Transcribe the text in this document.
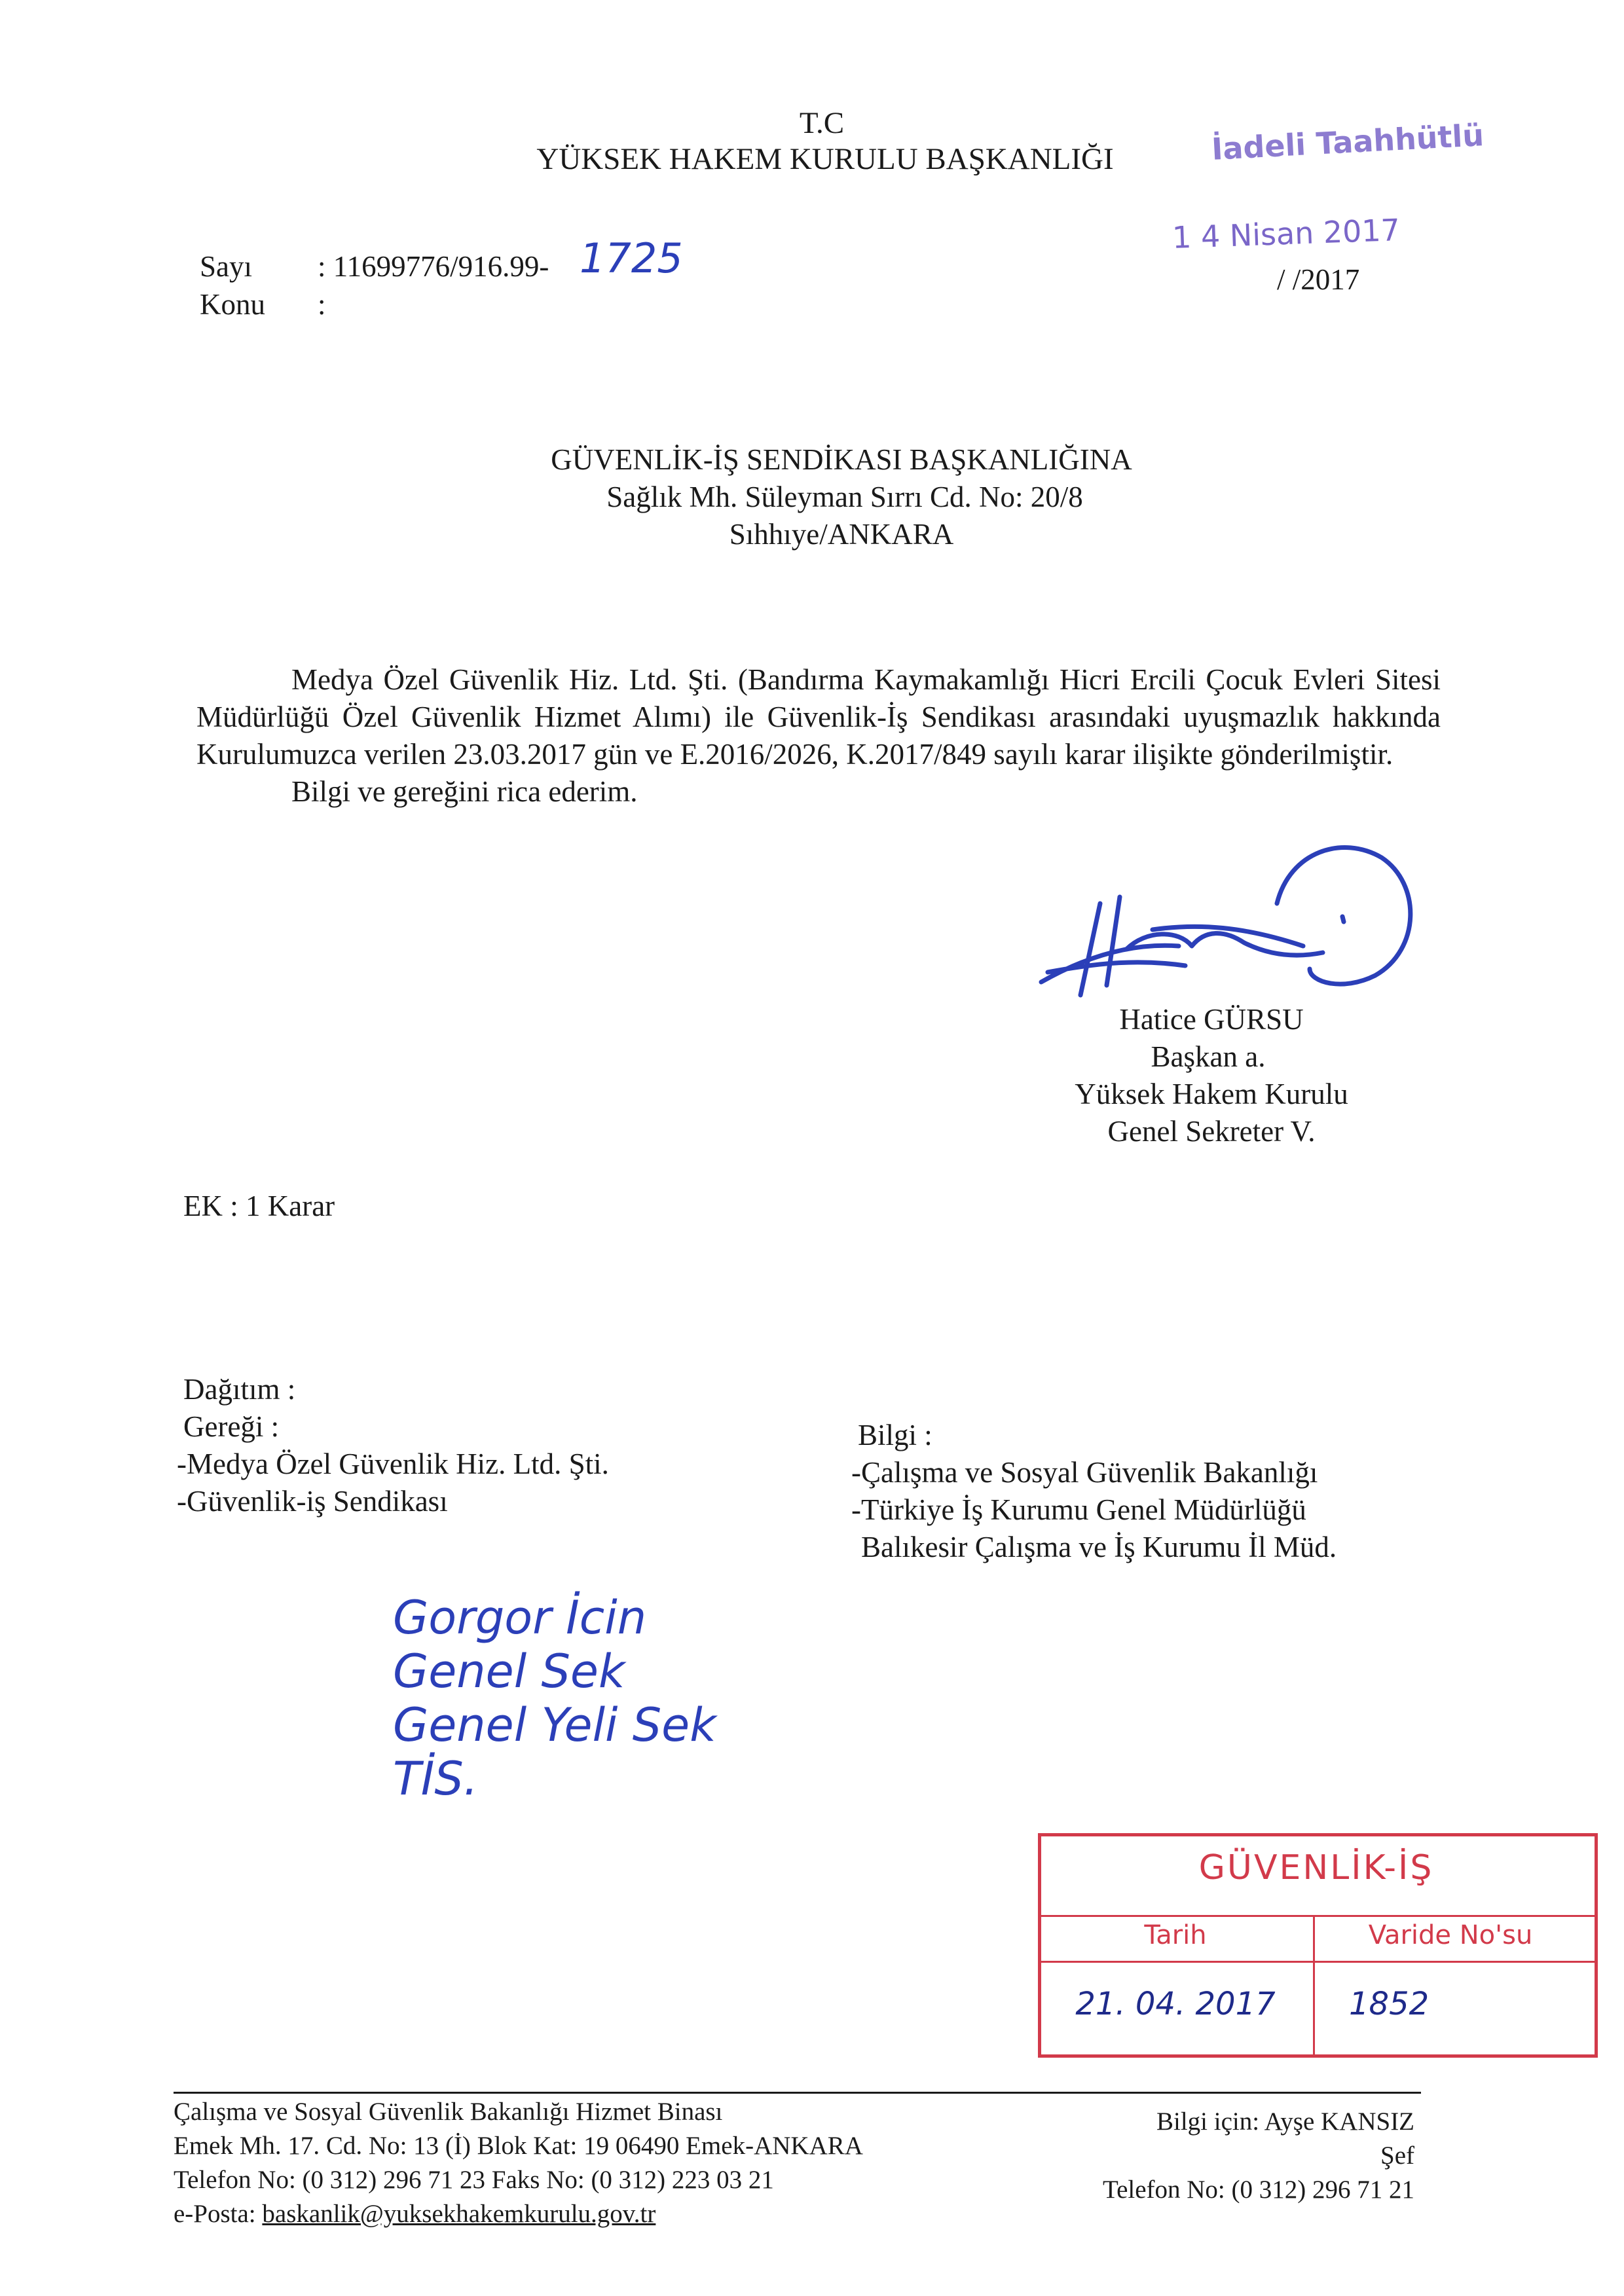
T.C
YÜKSEK HAKEM KURULU BAŞKANLIĞI	İadeli Taahhütlü
1 4 Nisan 2017
/ /2017
Sayı : 11699776/916.99- 1725
Konu :
GÜVENLİK-İŞ SENDİKASI BAŞKANLIĞINA
Sağlık Mh. Süleyman Sırrı Cd. No: 20/8
Sıhhıye/ANKARA

Medya Özel Güvenlik Hiz. Ltd. Şti. (Bandırma Kaymakamlığı Hicri Ercili Çocuk Evleri Sitesi Müdürlüğü Özel Güvenlik Hizmet Alımı) ile Güvenlik-İş Sendikası arasındaki uyuşmazlık hakkında Kurulumuzca verilen 23.03.2017 gün ve E.2016/2026, K.2017/849 sayılı karar ilişikte gönderilmiştir.

Bilgi ve gereğini rica ederim.

Hatice GÜRSU
Başkan a.
Yüksek Hakem Kurulu
Genel Sekreter V.
EK : 1 Karar
Dağıtım :
Gereği :
-Medya Özel Güvenlik Hiz. Ltd. Şti.
-Güvenlik-iş Sendikası
Bilgi :
-Çalışma ve Sosyal Güvenlik Bakanlığı
-Türkiye İş Kurumu Genel Müdürlüğü
Balıkesir Çalışma ve İş Kurumu İl Müd.
Gorgor İcin
Genel Sek
Genel Yeli Sek
TİS.
GÜVENLİK-İŞ
Tarih	Varide No'su
21. 04. 2017 1852
Çalışma ve Sosyal Güvenlik Bakanlığı Hizmet Binası
Emek Mh. 17. Cd. No: 13 (İ) Blok Kat: 19 06490 Emek-ANKARA
Telefon No: (0 312) 296 71 23 Faks No: (0 312) 223 03 21
e-Posta: baskanlik@yuksekhakemkurulu.gov.tr
Bilgi için: Ayşe KANSIZ
Şef
Telefon No: (0 312) 296 71 21
